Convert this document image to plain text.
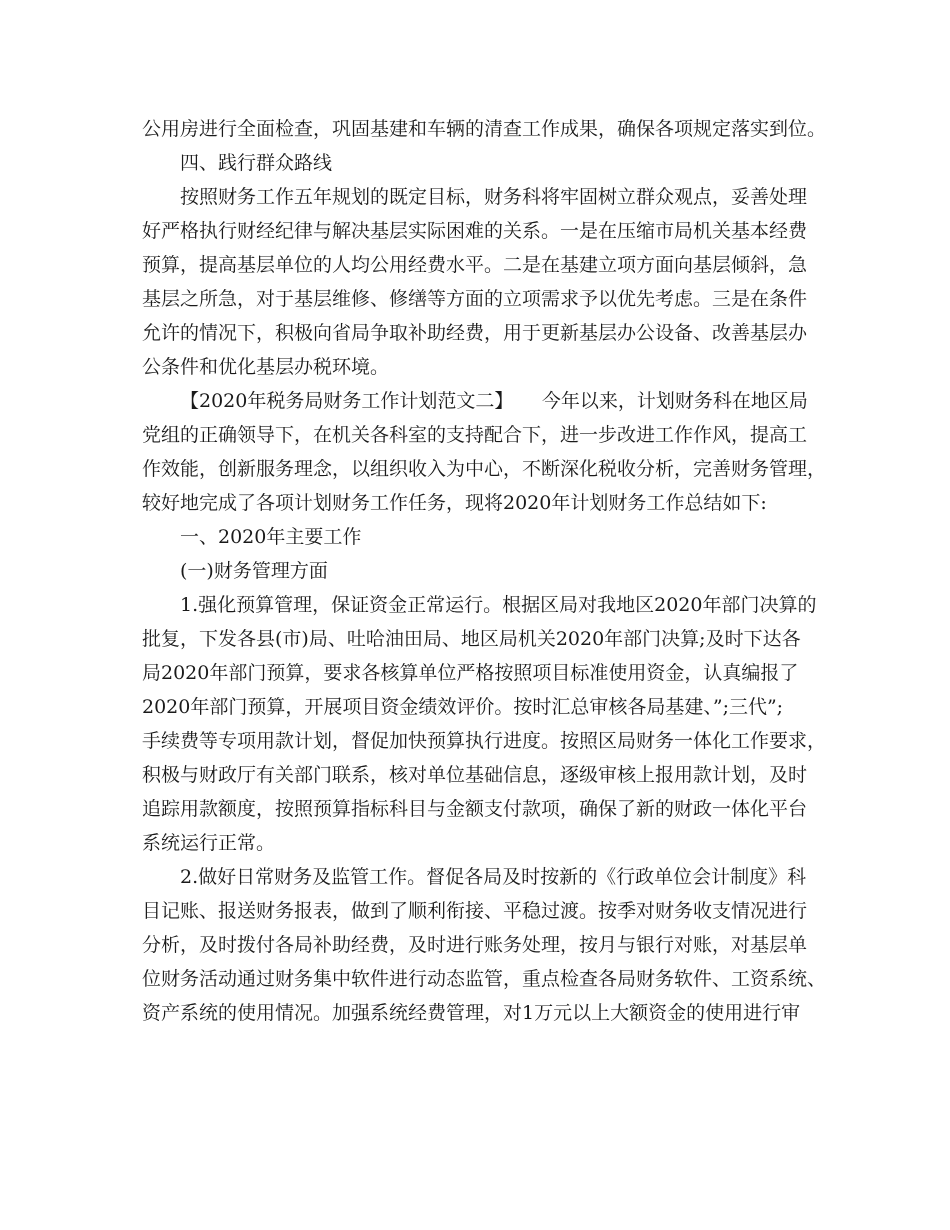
公用房进行全面检查，巩固基建和车辆的清查工作成果，确保各项规定落实到位。
四、践行群众路线
按照财务工作五年规划的既定目标，财务科将牢固树立群众观点，妥善处理
好严格执行财经纪律与解决基层实际困难的关系。一是在压缩市局机关基本经费
预算，提高基层单位的人均公用经费水平。二是在基建立项方面向基层倾斜，急
基层之所急，对于基层维修、修缮等方面的立项需求予以优先考虑。三是在条件
允许的情况下，积极向省局争取补助经费，用于更新基层办公设备、改善基层办
公条件和优化基层办税环境。
【2020年税务局财务工作计划范文二】　　今年以来，计划财务科在地区局
党组的正确领导下，在机关各科室的支持配合下，进一步改进工作作风，提高工
作效能，创新服务理念，以组织收入为中心，不断深化税收分析，完善财务管理，
较好地完成了各项计划财务工作任务，现将2020年计划财务工作总结如下:
一、2020年主要工作
(一)财务管理方面
1.强化预算管理，保证资金正常运行。根据区局对我地区2020年部门决算的
批复，下发各县(市)局、吐哈油田局、地区局机关2020年部门决算;及时下达各
局2020年部门预算，要求各核算单位严格按照项目标准使用资金，认真编报了
2020年部门预算，开展项目资金绩效评价。按时汇总审核各局基建、”;三代”;
手续费等专项用款计划，督促加快预算执行进度。按照区局财务一体化工作要求，
积极与财政厅有关部门联系，核对单位基础信息，逐级审核上报用款计划，及时
追踪用款额度，按照预算指标科目与金额支付款项，确保了新的财政一体化平台
系统运行正常。
2.做好日常财务及监管工作。督促各局及时按新的《行政单位会计制度》科
目记账、报送财务报表，做到了顺利衔接、平稳过渡。按季对财务收支情况进行
分析，及时拨付各局补助经费，及时进行账务处理，按月与银行对账，对基层单
位财务活动通过财务集中软件进行动态监管，重点检查各局财务软件、工资系统、
资产系统的使用情况。加强系统经费管理，对1万元以上大额资金的使用进行审
